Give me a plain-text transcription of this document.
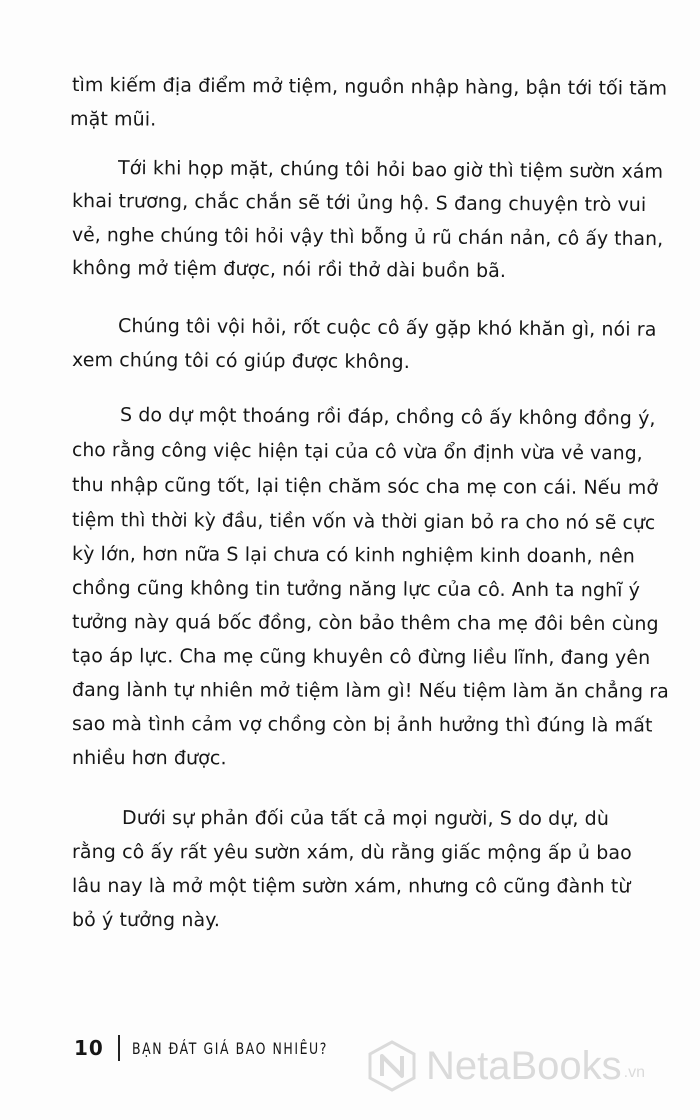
tìm kiếm địa điểm mở tiệm, nguồn nhập hàng, bận tới tối tăm
mặt mũi.
Tới khi họp mặt, chúng tôi hỏi bao giờ thì tiệm sườn xám
khai trương, chắc chắn sẽ tới ủng hộ. S đang chuyện trò vui
vẻ, nghe chúng tôi hỏi vậy thì bỗng ủ rũ chán nản, cô ấy than,
không mở tiệm được, nói rồi thở dài buồn bã.
Chúng tôi vội hỏi, rốt cuộc cô ấy gặp khó khăn gì, nói ra
xem chúng tôi có giúp được không.
S do dự một thoáng rồi đáp, chồng cô ấy không đồng ý,
cho rằng công việc hiện tại của cô vừa ổn định vừa vẻ vang,
thu nhập cũng tốt, lại tiện chăm sóc cha mẹ con cái. Nếu mở
tiệm thì thời kỳ đầu, tiền vốn và thời gian bỏ ra cho nó sẽ cực
kỳ lớn, hơn nữa S lại chưa có kinh nghiệm kinh doanh, nên
chồng cũng không tin tưởng năng lực của cô. Anh ta nghĩ ý
tưởng này quá bốc đồng, còn bảo thêm cha mẹ đôi bên cùng
tạo áp lực. Cha mẹ cũng khuyên cô đừng liều lĩnh, đang yên
đang lành tự nhiên mở tiệm làm gì! Nếu tiệm làm ăn chẳng ra
sao mà tình cảm vợ chồng còn bị ảnh hưởng thì đúng là mất
nhiều hơn được.
Dưới sự phản đối của tất cả mọi người, S do dự, dù
rằng cô ấy rất yêu sườn xám, dù rằng giấc mộng ấp ủ bao
lâu nay là mở một tiệm sườn xám, nhưng cô cũng đành từ
bỏ ý tưởng này.
10 BẠN ĐÁT GIÁ BAO NHIÊU? NetaBooks .vn
